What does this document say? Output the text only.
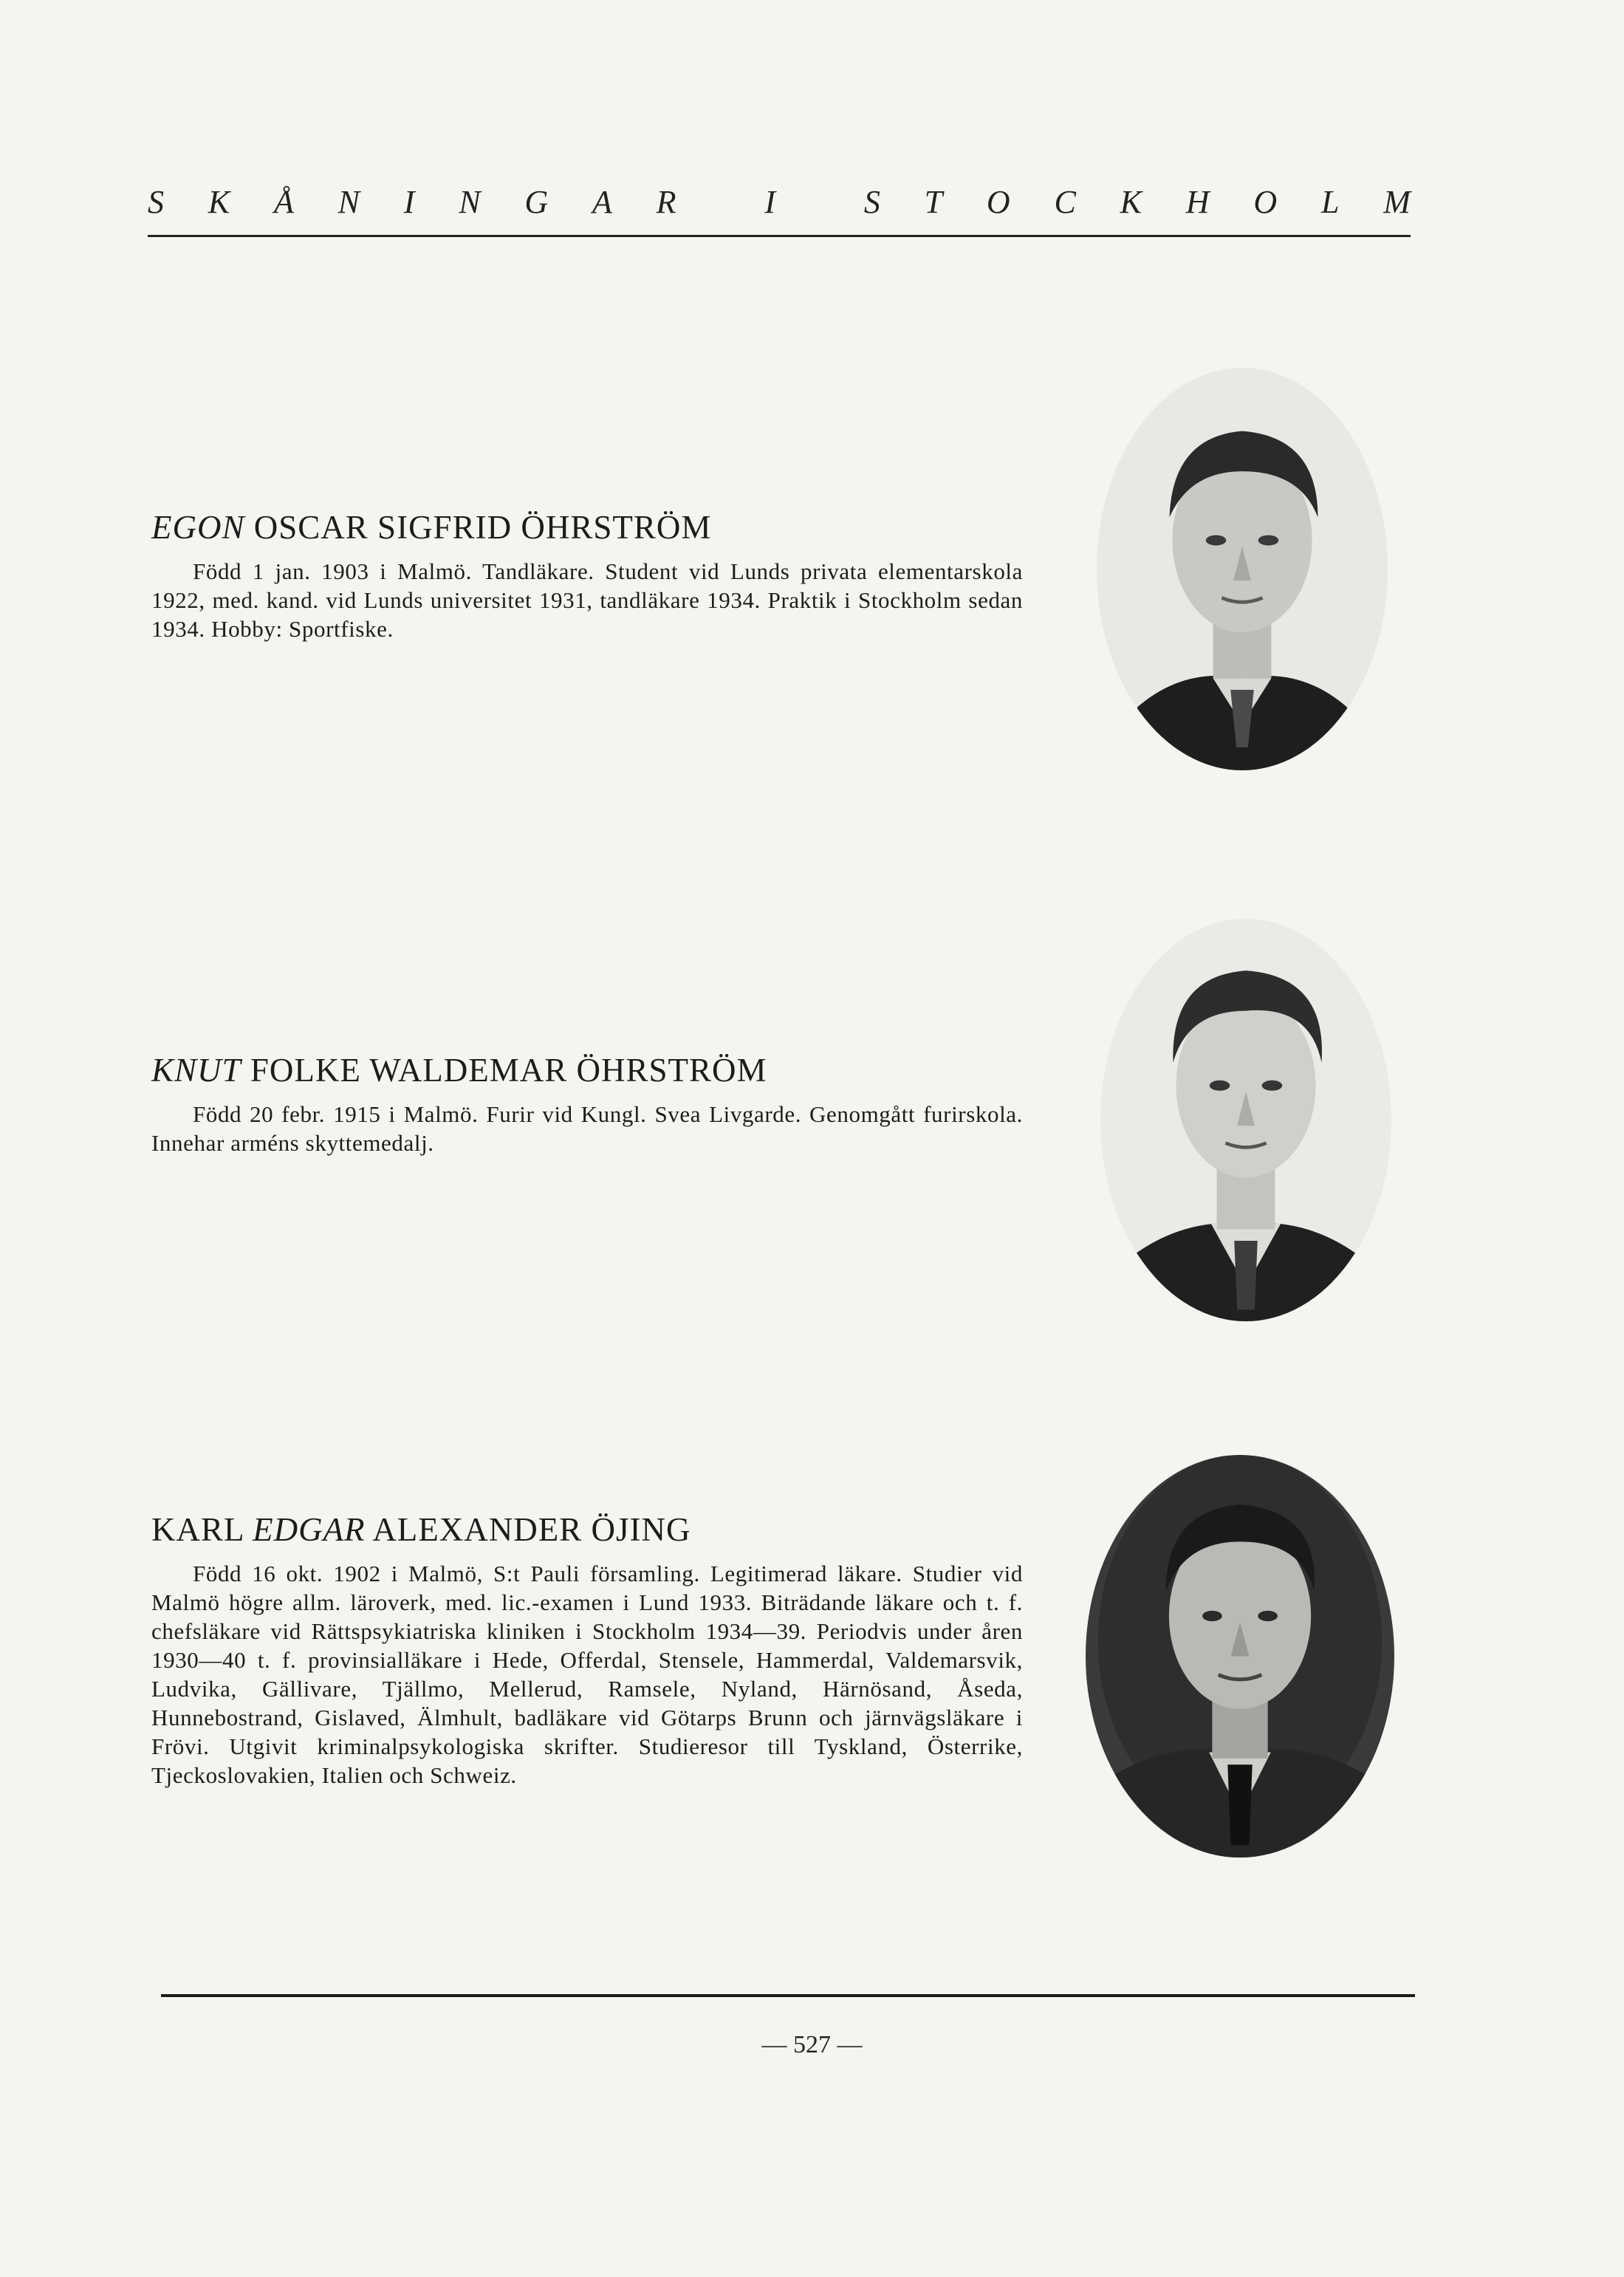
S K Å N I N G A R	I	S T O C K H O L M
EGON OSCAR SIGFRID ÖHRSTRÖM

Född 1 jan. 1903 i Malmö. Tandläkare. Student vid Lunds privata elementarskola 1922, med. kand. vid Lunds universitet 1931, tandläkare 1934. Praktik i Stockholm sedan 1934. Hobby: Sportfiske.

KNUT FOLKE WALDEMAR ÖHRSTRÖM

Född 20 febr. 1915 i Malmö. Furir vid Kungl. Svea Livgarde. Genomgått furirskola. Innehar arméns skyttemedalj.

KARL EDGAR ALEXANDER ÖJING

Född 16 okt. 1902 i Malmö, S:t Pauli församling. Legitimerad läkare. Studier vid Malmö högre allm. läroverk, med. lic.-examen i Lund 1933. Biträdande läkare och t. f. chefsläkare vid Rättspsykiatriska kliniken i Stockholm 1934—39. Periodvis under åren 1930—40 t. f. provinsialläkare i Hede, Offerdal, Stensele, Hammerdal, Valdemarsvik, Ludvika, Gällivare, Tjällmo, Mellerud, Ramsele, Nyland, Härnösand, Åseda, Hunnebostrand, Gislaved, Älmhult, badläkare vid Götarps Brunn och järnvägsläkare i Frövi. Utgivit kriminalpsykologiska skrifter. Studieresor till Tyskland, Österrike, Tjeckoslovakien, Italien och Schweiz.

— 527 —
